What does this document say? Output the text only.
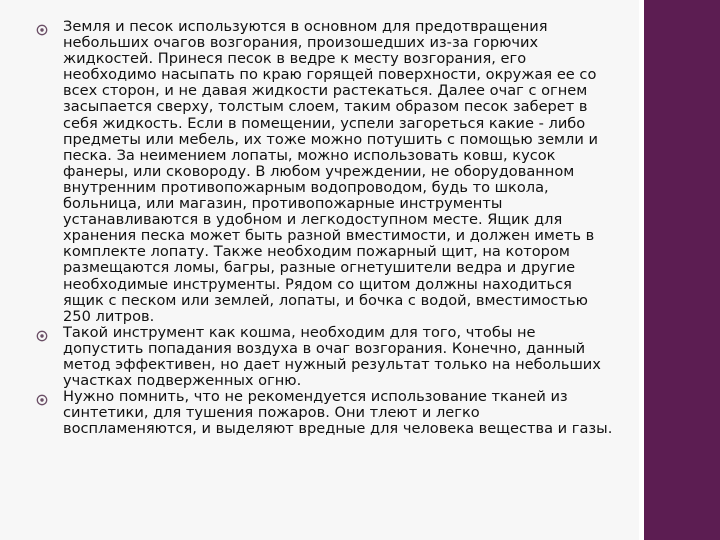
Земля и песок используются в основном для предотвращения небольших очагов возгорания, произошедших из-за горючих жидкостей. Принеся песок в ведре к месту возгорания, его необходимо насыпать по краю горящей поверхности, окружая ее со всех сторон, и не давая жидкости растекаться. Далее очаг с огнем засыпается сверху, толстым слоем, таким образом песок заберет в себя жидкость. Если в помещении, успели загореться какие - либо предметы или мебель, их тоже можно потушить с помощью земли и песка. За неимением лопаты, можно использовать ковш, кусок фанеры, или сковороду. В любом учреждении, не оборудованном внутренним противопожарным водопроводом, будь то школа, больница, или магазин, противопожарные инструменты устанавливаются в удобном и легкодоступном месте. Ящик для хранения песка может быть разной вместимости, и должен иметь в комплекте лопату. Также необходим пожарный щит, на котором размещаются ломы, багры, разные огнетушители ведра и другие необходимые инструменты. Рядом со щитом должны находиться ящик с песком или землей, лопаты, и бочка с водой, вместимостью 250 литров.
Такой инструмент как кошма, необходим для того, чтобы не допустить попадания воздуха в очаг возгорания. Конечно, данный метод эффективен, но дает нужный результат только на небольших участках подверженных огню.
Нужно помнить, что не рекомендуется использование тканей из синтетики, для тушения пожаров. Они тлеют и легко воспламеняются, и выделяют вредные для человека вещества и газы.
